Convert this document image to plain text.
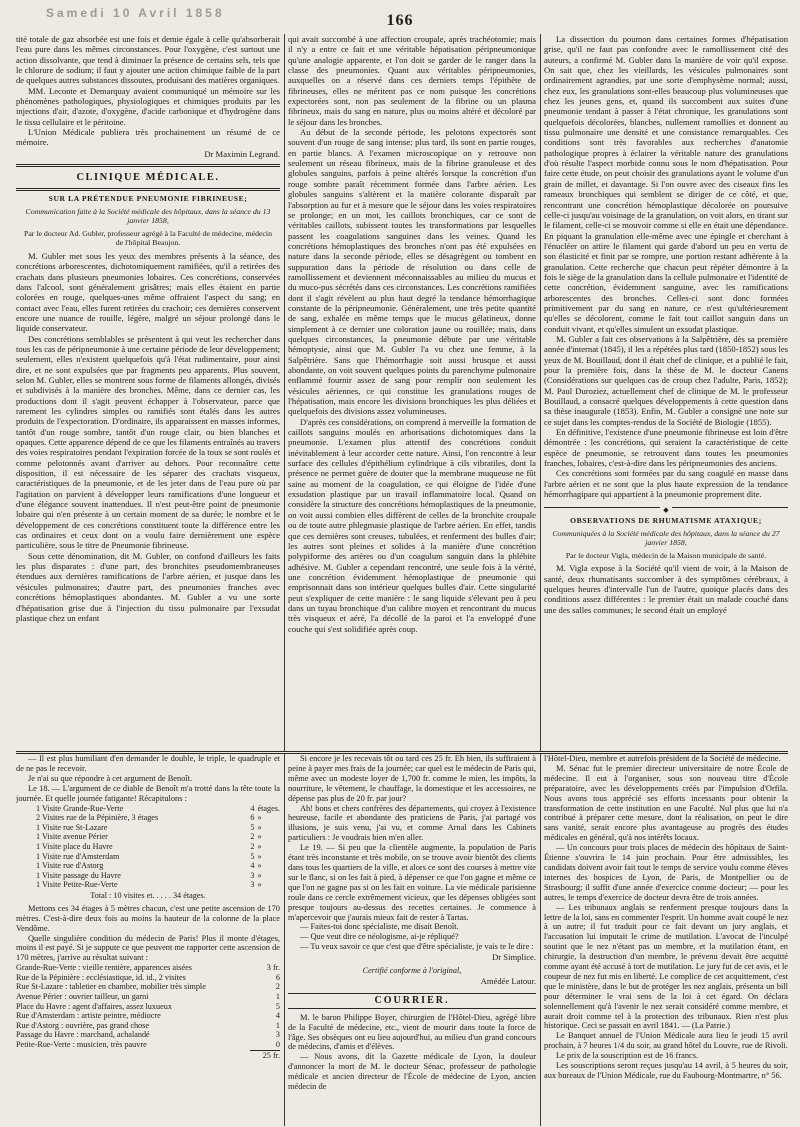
Samedi 10 Avril 1858	166

tité totale de gaz absorbée est une fois et demie égale à celle qu'absorberait l'eau pure dans les mêmes circonstances. Pour l'oxygène, c'est surtout une action dissolvante, que tend à diminuer la présence de certains sels, tels que le chlorure de sodium; il faut y ajouter une action chimique faible de la part de quelques autres substances dissoutes, produisant des matières organiques.

MM. Leconte et Demarquay avaient communiqué un mémoire sur les phénomènes pathologiques, physiologiques et chimiques produits par les injections d'air, d'azote, d'oxygène, d'acide carbonique et d'hydrogène dans le tissu cellulaire et le péritoine.

L'Union Médicale publiera très prochainement un résumé de ce mémoire.

Dr Maximin Legrand.
CLINIQUE MÉDICALE.
SUR LA PRÉTENDUE PNEUMONIE FIBRINEUSE;
Communication faite à la Société médicale des hôpitaux, dans la séance du 13 janvier 1858,
Par le docteur Ad. Gubler, professeur agrégé à la Faculté de médecine, médecin de l'hôpital Beaujon.

M. Gubler met sous les yeux des membres présents à la séance, des concrétions arborescentes, dichotomiquement ramifiées, qu'il a retirées des crachats dans plusieurs pneumonies lobaires. Ces concrétions, conservées dans l'alcool, sont généralement grisâtres; mais elles étaient en partie colorées en rouge, quelques-unes même offraient l'aspect du sang; en contact avec l'eau, elles furent retirées du crachoir; ces dernières conservent encore une nuance de rouille, légère, malgré un séjour prolongé dans le liquide conservateur.

Des concrétions semblables se présentent à qui veut les rechercher dans tous les cas de péripneumonie à une certaine période de leur développement; seulement, elles n'existent quelquefois qu'à l'état rudimentaire, pour ainsi dire, et ne sont expulsées que par fragments peu apparents. Plus souvent, selon M. Gubler, elles se montrent sous forme de filaments allongés, divisés et subdivisés à la manière des bronches. Même, dans ce dernier cas, les productions dont il s'agit peuvent échapper à l'observateur, parce que rarement les cylindres simples ou ramifiés sont étalés dans les autres produits de l'expectoration. D'ordinaire, ils apparaissent en masses informes, tantôt d'un rouge sombre, tantôt d'un rouge clair, ou bien blanches et opaques. Cette apparence dépend de ce que les filaments entraînés au travers des voies respiratoires pendant l'expiration forcée de la toux se sont roulés et comme pelotonnés avant d'arriver au dehors. Pour reconnaître cette disposition, il est nécessaire de les séparer des crachats visqueux, caractéristiques de la pneumonie, et de les jeter dans de l'eau pure où par l'agitation on parvient à développer leurs ramifications d'une longueur et d'une élégance souvent inattendues. Il n'est peut-être point de pneumonie lobaire qui n'en présente à un certain moment de sa durée; le nombre et le développement de ces concrétions constituent toute la différence entre les cas ordinaires et ceux dont on a voulu faire dernièrement une espèce particulière, sous le titre de Pneumonie fibrineuse.

Sous cette dénomination, dit M. Gubler, on confond d'ailleurs les faits les plus disparates : d'une part, des bronchites pseudomembraneuses étendues aux dernières ramifications de l'arbre aérien, et jusque dans les vésicules pulmonaires; d'autre part, des pneumonies franches avec concrétions hémoplastiques abondantes. M. Gubler a vu une sorte d'hépatisation grise due à l'injection du tissu pulmonaire par l'exsudat plastique chez un enfant

qui avait succombé à une affection croupale, après trachéotomie; mais il n'y a entre ce fait et une véritable hépatisation péripneumonique qu'une analogie apparente, et l'on doit se garder de le ranger dans la classe des pneumonies. Quant aux véritables péripneumonies, auxquelles on a réservé dans ces derniers temps l'épithète de fibrineuses, elles ne méritent pas ce nom puisque les concrétions expectorées sont, non pas seulement de la fibrine ou un plasma fibrineux, mais du sang en nature, plus ou moins altéré et décoloré par le séjour dans les bronches.

Au début de la seconde période, les pelotons expectorés sont souvent d'un rouge de sang intense; plus tard, ils sont en partie rouges, en partie blancs. A l'examen microscopique on y retrouve non seulement un réseau fibrineux, mais de la fibrine granuleuse et des globules sanguins, parfois à peine altérés lorsque la concrétion d'un rouge sombre paraît récemment formée dans l'arbre aérien. Les globules sanguins s'altèrent et la matière colorante disparaît par l'absorption au fur et à mesure que le séjour dans les voies respiratoires se prolonge; en un mot, les caillots bronchiques, car ce sont de véritables caillots, subissent toutes les transformations par lesquelles passent les coagulations sanguines dans les veines. Quand les concrétions hémoplastiques des bronches n'ont pas été expulsées en nature dans la seconde période, elles se désagrègent ou tombent en suppuration dans la période de résolution ou dans celle de ramollissement et deviennent méconnaissables au milieu du mucus et du muco-pus sécrétés dans ces circonstances. Les concrétions ramifiées dont il s'agit révèlent au plus haut degré la tendance hémorrhagique constante de la péripneumonie. Généralement, une très petite quantité de sang, exhalée en même temps que le mucus gélatineux, donne simplement à ce dernier une coloration jaune ou rouillée; mais, dans quelques circonstances, la pneumonie débute par une véritable hémoptysie, ainsi que M. Gubler l'a vu chez une femme, à la Salpêtrière. Sans que l'hémorrhagie soit aussi brusque et aussi abondante, on voit souvent quelques points du parenchyme pulmonaire enflammé fournir assez de sang pour remplir non seulement les vésicules aériennes, ce qui constitue les granulations rouges de l'hépatisation, mais encore les divisions bronchiques les plus déliées et quelquefois des divisions assez volumineuses.

D'après ces considérations, on comprend à merveille la formation de caillots sanguins moulés en arborisations dichotomiques dans la pneumonie. L'examen plus attentif des concrétions conduit inévitablement à leur accorder cette nature. Ainsi, l'on rencontre à leur surface des cellules d'épithélium cylindrique à cils vibratiles, dont la présence ne permet guère de douter que la membrane muqueuse ne fût saine au moment de la coagulation, ce qui éloigne de l'idée d'une exsudation plastique par un travail inflammatoire local. Quand on considère la structure des concrétions hémoplastiques de la pneumonie, on voit aussi combien elles diffèrent de celles de la bronchite croupale ou de toute autre phlegmasie plastique de l'arbre aérien. En effet, tandis que ces dernières sont creuses, tubulées, et renferment des bulles d'air; les autres sont pleines et solides à la manière d'une concrétion polypiforme des artères ou d'un coagulum sanguin dans la phlébite adhésive. M. Gubler a cependant rencontré, une seule fois à la vérité, une concrétion évidemment hémoplastique de pneumonie qui emprisonnait dans son intérieur quelques bulles d'air. Cette singularité peut s'expliquer de cette manière : le sang liquide s'élevant peu à peu dans un tuyau bronchique d'un calibre moyen et rencontrant du mucus très visqueux et aéré, l'a décollé de la paroi et l'a enveloppé d'une couche qui s'est solidifiée après coup.

La dissection du poumon dans certaines formes d'hépatisation grise, qu'il ne faut pas confondre avec le ramollissement cité des auteurs, a confirmé M. Gubler dans la manière de voir qu'il expose. On sait que, chez les vieillards, les vésicules pulmonaires sont ordinairement agrandies, par une sorte d'emphysème normal; aussi, chez eux, les granulations sont-elles beaucoup plus volumineuses que chez les jeunes gens, et, quand ils succombent aux suites d'une pneumonie tendant à passer à l'état chronique, les granulations sont quelquefois décolorées, blanches, nullement ramollies et donnent au tissu pulmonaire une densité et une consistance remarquables. Ces conditions sont très favorables aux recherches d'anatomie pathologique propres à éclairer la véritable nature des granulations d'où résulte l'aspect morbide connu sous le nom d'hépatisation. Pour faire cette étude, on peut choisir des granulations ayant le volume d'un grain de millet, et davantage. Si l'on ouvre avec des ciseaux fins les rameaux bronchiques qui semblent se diriger de ce côté, et que, rencontrant une concrétion hémoplastique décolorée on poursuive celle-ci jusqu'au voisinage de la granulation, on voit alors, en tirant sur le filament, celle-ci se mouvoir comme si elle en était une dépendance. En piquant la granulation elle-même avec une épingle et cherchant à l'énucléer on attire le filament qui garde d'abord un peu en vertu de son élasticité et finit par se rompre, une portion restant adhérente à la granulation. Cette recherche que chacun peut répéter démontre à la fois le siège de la granulation dans la cellule pulmonaire et l'identité de cette concrétion, évidemment sanguine, avec les ramifications arborescentes des bronches. Celles-ci sont donc formées primitivement par du sang en nature, ce n'est qu'ultérieurement qu'elles se décolorent, comme le fait tout caillot sanguin dans un conduit vivant, et qu'elles simulent un exsudat plastique.

M. Gubler a fait ces observations à la Salpêtrière, dès sa première année d'internat (1845), il les a répétées plus tard (1850-1852) sous les yeux de M. Bouillaud, dont il était chef de clinique, et a publié le fait, pour la première fois, dans la thèse de M. le docteur Canens (Considérations sur quelques cas de croup chez l'adulte, Paris, 1852); M. Paul Duroziez, actuellement chef de clinique de M. le professeur Bouillaud, a consacré quelques développements à cette question dans sa thèse inaugurale (1853). Enfin, M. Gubler a consigné une note sur ce sujet dans les comptes-rendus de la Société de Biologie (1855).

En définitive, l'existence d'une pneumonie fibrineuse est loin d'être démontrée : les concrétions, qui seraient la caractéristique de cette espèce de pneumonie, se retrouvent dans toutes les pneumonies franches, lobaires, c'est-à-dire dans les péripneumonies des anciens.

Ces concrétions sont formées par du sang coagulé en masse dans l'arbre aérien et ne sont que la plus haute expression de la tendance hémorrhagipare qui appartient à la pneumonie proprement dite.

◆
OBSERVATIONS DE RHUMATISME ATAXIQUE;
Communiquées à la Société médicale des hôpitaux, dans la séance du 27 janvier 1858,
Par le docteur Vigla, médecin de la Maison municipale de santé.

M. Vigla expose à la Société qu'il vient de voir, à la Maison de santé, deux rhumatisants succomber à des symptômes cérébraux, à quelques heures d'intervalle l'un de l'autre, quoique placés dans des conditions assez différentes : le premier était un malade couché dans une des salles communes; le second était un employé

— Il est plus humiliant d'en demander le double, le triple, le quadruple et de ne pas le recevoir.

Je n'ai su que répondre à cet argument de Benoît.

Le 18. — L'argument de ce diable de Benoît m'a trotté dans la tête toute la journée. Et quelle journée fatigante! Récapitulons :

1 Visite Grande-Rue-Verte	4	étages.
2 Visites rue de la Pépinière, 3 étages	6	»
1 Visite rue St-Lazare	5	»
1 Visite avenue Périer	2	»
1 Visite place du Havre	2	»
1 Visite rue d'Amsterdam	5	»
1 Visite rue d'Astorg	4	»
1 Visite passage du Havre	3	»
1 Visite Petite-Rue-Verte	3	»
Total : 10 visites et. . . . . 34 étages.

Mettons ces 34 étages à 5 mètres chacun, c'est une petite ascension de 170 mètres. C'est-à-dire deux fois au moins la hauteur de la colonne de la place Vendôme.

Quelle singulière condition du médecin de Paris! Plus il monte d'étages, moins il est payé. Si je suppute ce que peuvent me rapporter cette ascension de 170 mètres, j'arrive au résultat suivant :

Grande-Rue-Verte : vieille rentière, apparences aisées	3 fr.
Rue de la Pépinière : ecclésiastique, id. id., 2 visites	6
Rue St-Lazare : tabletier en chambre, mobilier très simple	2
Avenue Périer : ouvrier tailleur, un garni	1
Place du Havre : agent d'affaires, assez luxueux	5
Rue d'Amsterdam : artiste peintre, médiocre	4
Rue d'Astorg : ouvrière, pas grand chose	1
Passage du Havre : marchand, achalandé	3
Petite-Rue-Verte : musicien, très pauvre	0
25 fr.

Si encore je les recevais tôt ou tard ces 25 fr. Eh bien, ils suffiraient à peine à payer mes frais de la journée; car quel est le médecin de Paris qui, même avec un modeste loyer de 1,700 fr. comme le mien, les impôts, la nourriture, le vêtement, le chauffage, la domestique et les accessoires, ne dépense pas plus de 20 fr. par jour?

Ah! bons et chers confrères des départements, qui croyez à l'existence heureuse, facile et abondante des praticiens de Paris, j'ai partagé vos illusions, je suis venu, j'ai vu, et comme Arnal dans les Cabinets particuliers : Je voudrais bien m'en aller.

Le 19. — Si peu que la clientèle augmente, la population de Paris étant très inconstante et très mobile, on se trouve avoir bientôt des clients dans tous les quartiers de la ville, et alors ce sont des courses à mettre vite sur le flanc, si on les fait à pied, à dépenser ce que l'on gagne et même ce que l'on ne gagne pas si on les fait en voiture. La vie médicale parisienne roule dans ce cercle extrêmement vicieux, que les dépenses obligées sont presque toujours au-dessus des recettes certaines. Je commence à m'apercevoir que j'aurais mieux fait de rester à Tartas.

— Faites-toi donc spécialiste, me disait Benoît.

— Que veut dire ce néologisme, ai-je répliqué?

— Tu veux savoir ce que c'est que d'être spécialiste, je vais te le dire :

Dr Simplice.
Certifié conforme à l'original,
Amédée Latour.
COURRIER.

M. le baron Philippe Boyer, chirurgien de l'Hôtel-Dieu, agrégé libre de la Faculté de médecine, etc., vient de mourir dans toute la force de l'âge. Ses obsèques ont eu lieu aujourd'hui, au milieu d'un grand concours de médecins, d'amis et d'élèves.

— Nous avons, dit la Gazette médicale de Lyon, la douleur d'annoncer la mort de M. le docteur Sénac, professeur de pathologie médicale et ancien directeur de l'École de médecine de Lyon, ancien médecin de

l'Hôtel-Dieu, membre et autrefois président de la Société de médecine.

M. Sénac fut le premier directeur universitaire de notre École de médecine. Il eut à l'organiser, sous son nouveau titre d'École préparatoire, avec les développements créés par l'impulsion d'Orfila. Nous avons tous apprécié ses efforts incessants pour obtenir la transformation de cette institution en une Faculté. Nul plus que lui n'a contribué à préparer cette mesure, dont la réalisation, on peut le dire sans vanité, serait encore plus avantageuse au progrès des études médicales en général, qu'à nos intérêts locaux.

— Un concours pour trois places de médecin des hôpitaux de Saint-Étienne s'ouvrira le 14 juin prochain. Pour être admissibles, les candidats doivent avoir fait tout le temps de service voulu comme élèves internes des hospices de Lyon, de Paris, de Montpellier ou de Strasbourg; il suffit d'une année d'exercice comme docteur; — pour les autres, le temps d'exercice de docteur devra être de trois années.

— Les tribunaux anglais se renferment presque toujours dans la lettre de la loi, sans en commenter l'esprit. Un homme avait coupé le nez à un autre; il fut traduit pour ce fait devant un jury anglais, et l'accusation lui imputait le crime de mutilation. L'avocat de l'inculpé soutint que le nez n'étant pas un membre, et la mutilation étant, en chirurgie, la destruction d'un membre, le prévenu devait être acquitté comme ayant été accusé à tort de mutilation. Le jury fut de cet avis, et le coupeur de nez fut mis en liberté. Le complice de cet acquittement, c'est que le ministère, dans le but de protéger les nez anglais, présenta un bill pour déterminer le vrai sens de la loi à cet égard. On déclara solennellement qu'à l'avenir le nez serait considéré comme membre, et aurait droit comme tel à la protection des tribunaux. Rien n'est plus historique. Ceci se passait en avril 1841. — (La Patrie.)

Le Banquet annuel de l'Union Médicale aura lieu le jeudi 15 avril prochain, à 7 heures 1/4 du soir, au grand hôtel du Louvre, rue de Rivoli.

Le prix de la souscription est de 16 francs.

Les souscriptions seront reçues jusqu'au 14 avril, à 5 heures du soir, aux bureaux de l'Union Médicale, rue du Faubourg-Montmartre, n° 56.
